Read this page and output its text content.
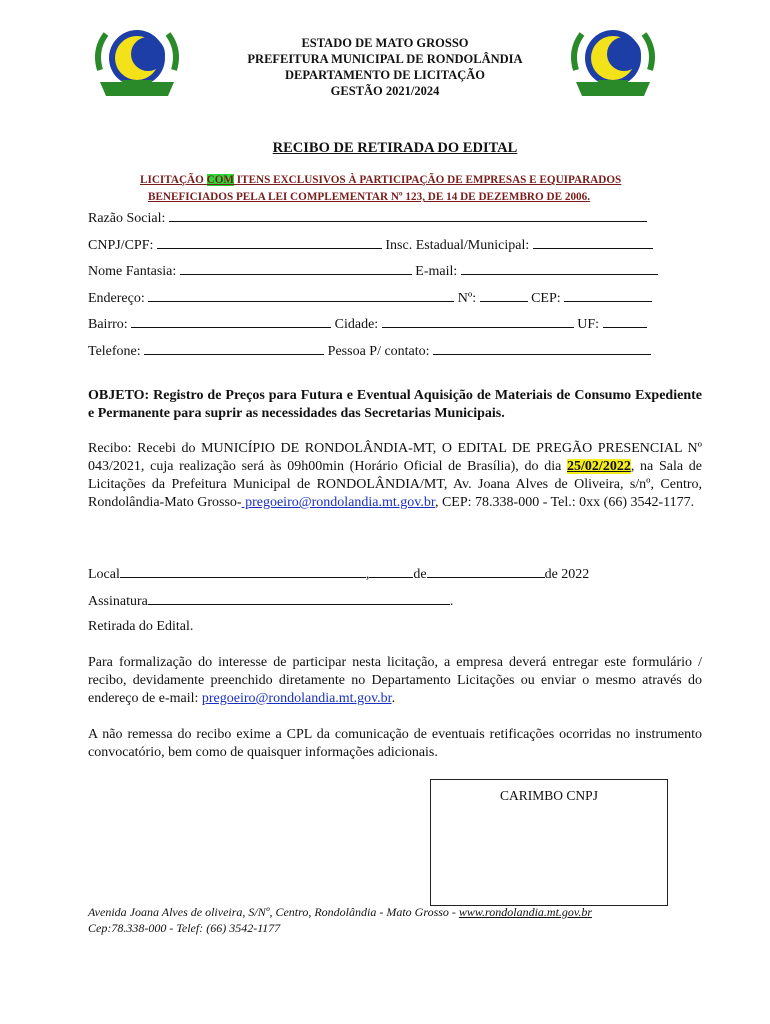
ESTADO DE MATO GROSSO
PREFEITURA MUNICIPAL DE RONDOLÂNDIA
DEPARTAMENTO DE LICITAÇÃO
GESTÃO 2021/2024
RECIBO DE RETIRADA DO EDITAL
LICITAÇÃO COM ITENS EXCLUSIVOS À PARTICIPAÇÃO DE EMPRESAS E EQUIPARADOS
BENEFICIADOS PELA LEI COMPLEMENTAR Nº 123, DE 14 DE DEZEMBRO DE 2006.
Razão Social:
CNPJ/CPF:	Insc. Estadual/Municipal:
Nome Fantasia:	E-mail:
Endereço:	Nº:	CEP:
Bairro:	Cidade:	UF:
Telefone:	Pessoa P/ contato:
OBJETO: Registro de Preços para Futura e Eventual Aquisição de Materiais de Consumo Expediente e Permanente para suprir as necessidades das Secretarias Municipais.
Recibo: Recebi do MUNICÍPIO DE RONDOLÂNDIA-MT, O EDITAL DE PREGÃO PRESENCIAL Nº 043/2021, cuja realização será às 09h00min (Horário Oficial de Brasília), do dia 25/02/2022, na Sala de Licitações da Prefeitura Municipal de RONDOLÂNDIA/MT, Av. Joana Alves de Oliveira, s/nº, Centro, Rondolândia-Mato Grosso- pregoeiro@rondolandia.mt.gov.br, CEP: 78.338-000 - Tel.: 0xx (66) 3542-1177.
Local	,	de	de 2022
Assinatura	.
Retirada do Edital.
Para formalização do interesse de participar nesta licitação, a empresa deverá entregar este formulário / recibo, devidamente preenchido diretamente no Departamento Licitações ou enviar o mesmo através do endereço de e-mail: pregoeiro@rondolandia.mt.gov.br.
A não remessa do recibo exime a CPL da comunicação de eventuais retificações ocorridas no instrumento convocatório, bem como de quaisquer informações adicionais.
CARIMBO CNPJ
Avenida Joana Alves de oliveira, S/Nº, Centro, Rondolândia - Mato Grosso - www.rondolandia.mt.gov.br
Cep:78.338-000 - Telef: (66) 3542-1177
